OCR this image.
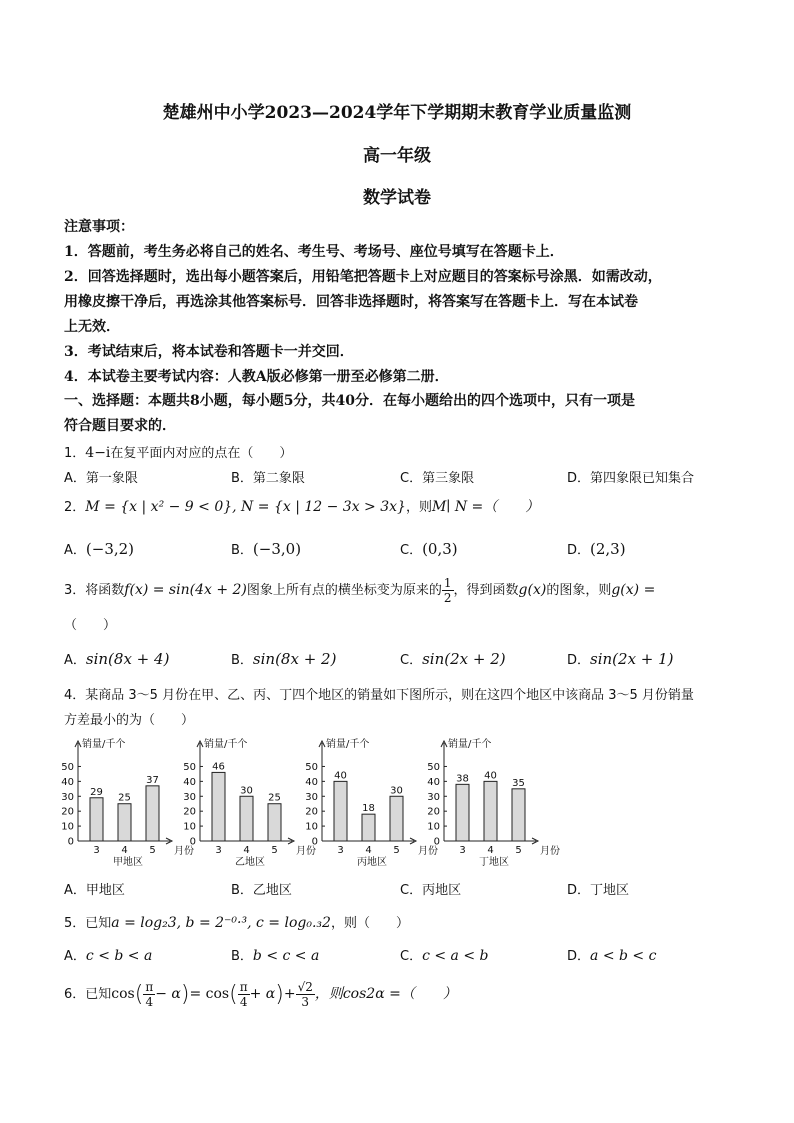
楚雄州中小学2023—2024学年下学期期末教育学业质量监测
高一年级
数学试卷
注意事项：
1．答题前，考生务必将自己的姓名、考生号、考场号、座位号填写在答题卡上．
2．回答选择题时，选出每小题答案后，用铅笔把答题卡上对应题目的答案标号涂黑．如需改动，
用橡皮擦干净后，再选涂其他答案标号．回答非选择题时，将答案写在答题卡上．写在本试卷
上无效．
3．考试结束后，将本试卷和答题卡一并交回．
4．本试卷主要考试内容：人教A版必修第一册至必修第二册．
一、选择题：本题共8小题，每小题5分，共40分．在每小题给出的四个选项中，只有一项是
符合题目要求的．
1．4−i在复平面内对应的点在（　　）
A．第一象限	B．第二象限	C．第三象限	D．第四象限已知集合
2．M = {x | x² − 9 < 0}, N = {x | 12 − 3x > 3x}，则M∣ N =（　　）
A．(−3,2)	B．(−3,0)	C．(0,3)	D．(2,3)
3．将函数f(x) = sin(4x + 2)图象上所有点的横坐标变为原来的 $\frac{1}{2}$ ，得到函数g(x)的图象，则g(x) =
（　　）
A．sin(8x + 4)	B．sin(8x + 2)	C．sin(2x + 2)	D．sin(2x + 1)
4．某商品 3～5 月份在甲、乙、丙、丁四个地区的销量如下图所示，则在这四个地区中该商品 3～5 月份销量
方差最小的为（　　）
销量/千个
0
10
20
30
40
50
29
3
25
4
37
5 月份
甲地区
销量/千个
0
10
20
30
40
50 46
3
30
4
25
5 月份
乙地区
销量/千个
0
10
20
30
40
50
40
3
18
4
30
5 月份
丙地区
销量/千个
0
10
20
30
40
50
38
3
40
4
35
5 月份
丁地区
A．甲地区	B．乙地区	C．丙地区	D．丁地区
5．已知a = log₂3, b = 2⁻⁰·³, c = log₀.₃2，则（　　）
A．c < b < a	B．b < c < a	C．c < a < b	D．a < b < c
6．已知$\cos( \frac{\pi}{4} - \alpha)= \cos( \frac{\pi}{4} + \alpha)+ \frac{√2}{3}$ ，则cos2α =（　　）
